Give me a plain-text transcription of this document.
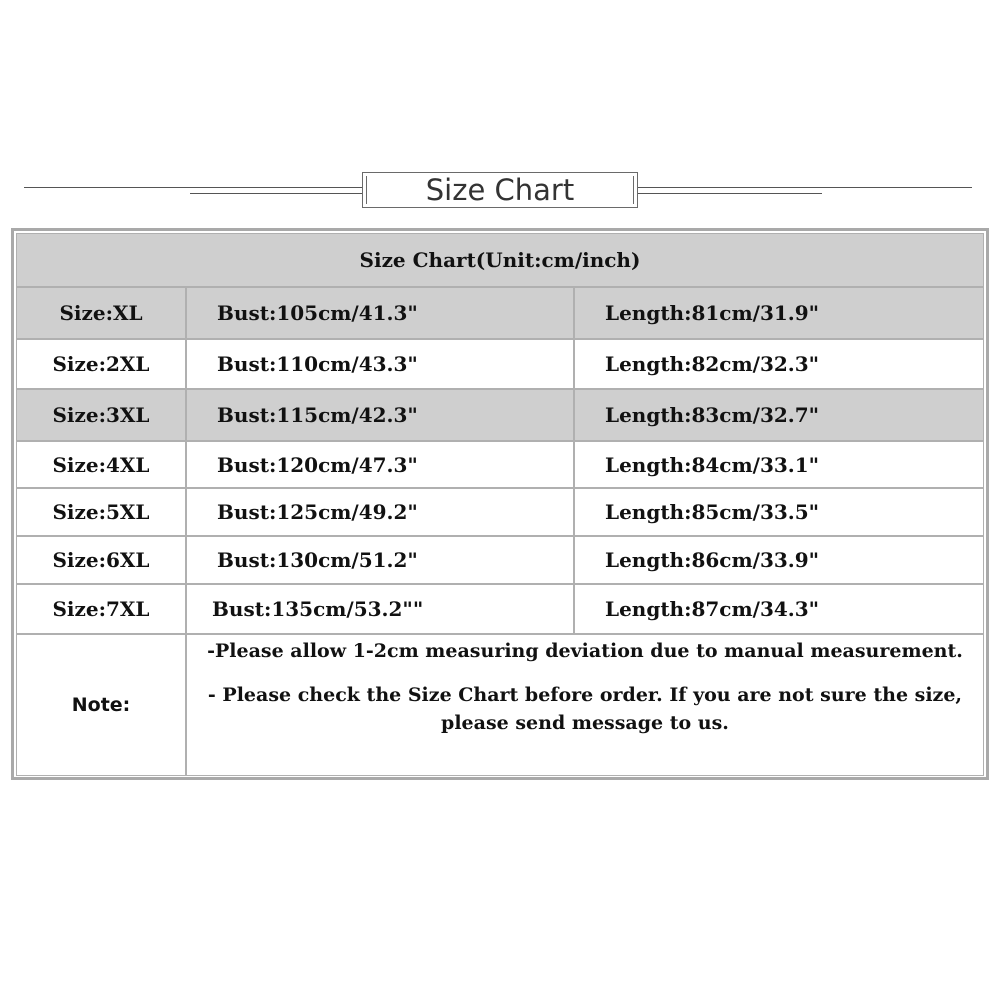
Size Chart
Size Chart(Unit:cm/inch)
Size:XL	Bust:105cm/41.3"	Length:81cm/31.9"
Size:2XL	Bust:110cm/43.3"	Length:82cm/32.3"
Size:3XL	Bust:115cm/42.3"	Length:83cm/32.7"
Size:4XL	Bust:120cm/47.3"	Length:84cm/33.1"
Size:5XL	Bust:125cm/49.2"	Length:85cm/33.5"
Size:6XL	Bust:130cm/51.2"	Length:86cm/33.9"
Size:7XL	Bust:135cm/53.2""	Length:87cm/34.3"
Note:
-Please allow 1-2cm measuring deviation due to manual measurement.
- Please check the Size Chart before order. If you are not sure the size,
please send message to us.
